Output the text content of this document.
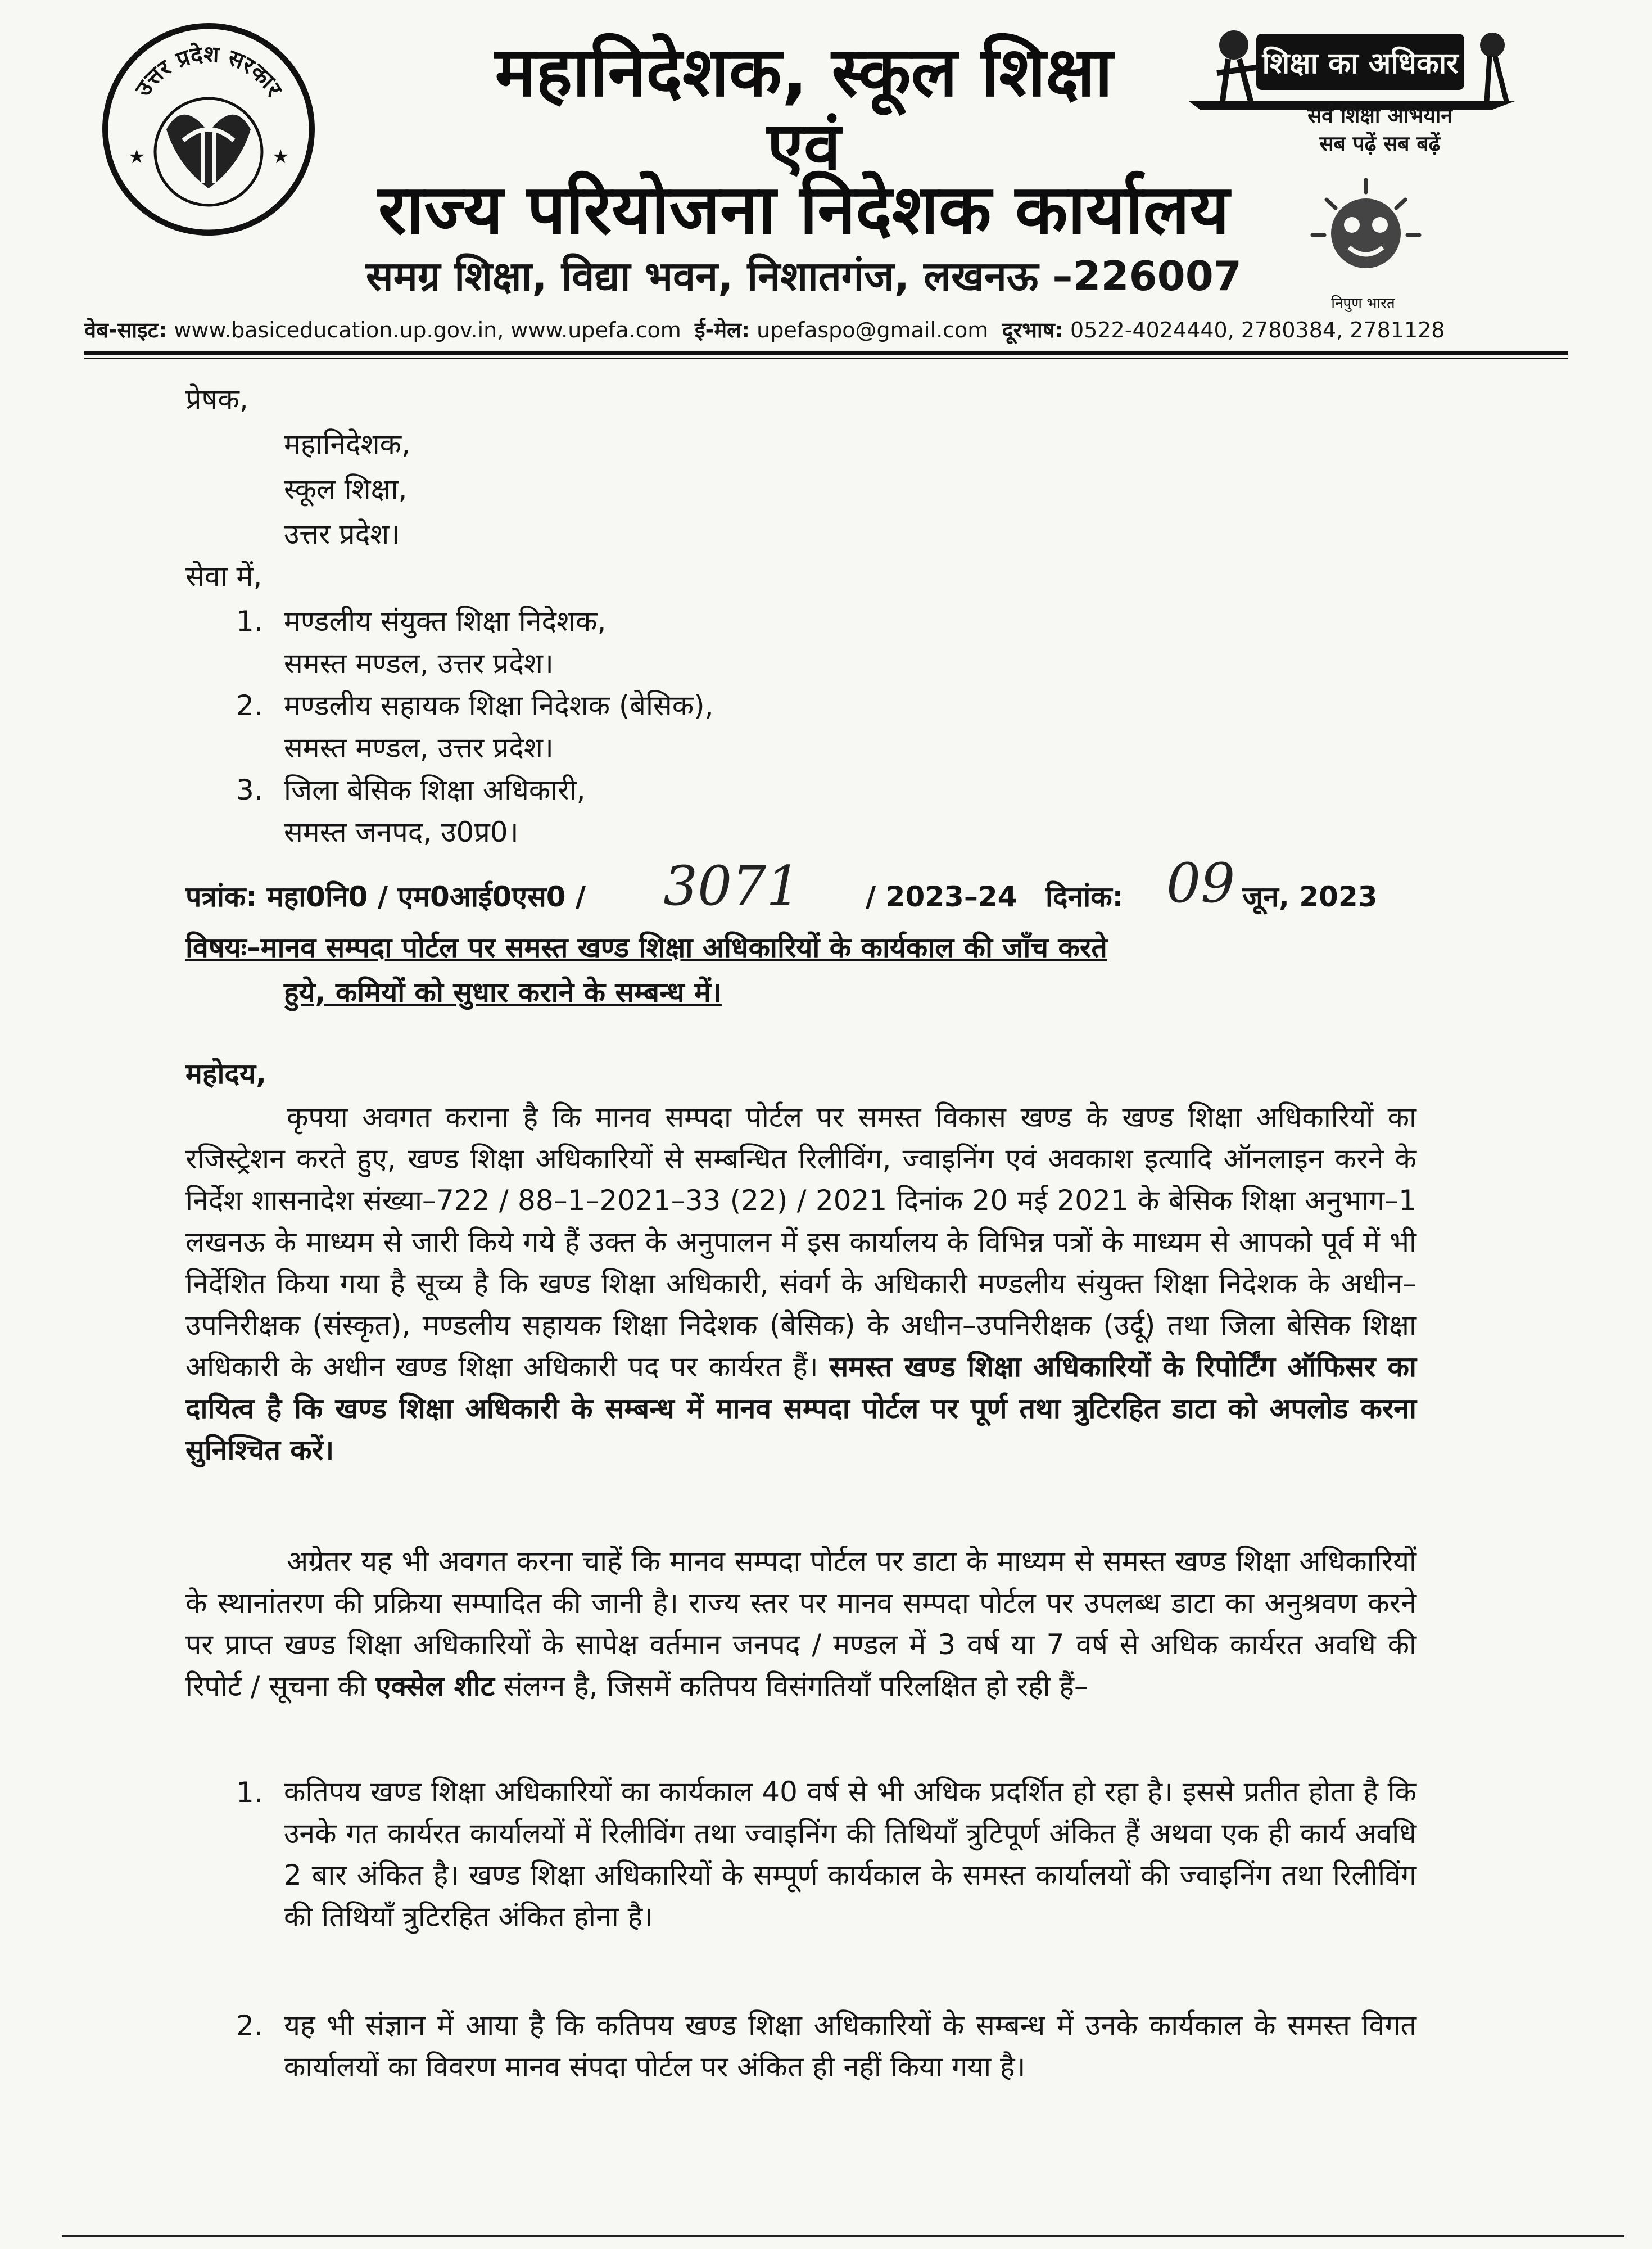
उत्तर प्रदेश सरकार
★	★
महानिदेशक, स्कूल शिक्षा
एवं
राज्य परियोजना निदेशक कार्यालय
समग्र शिक्षा, विद्या भवन, निशातगंज, लखनऊ –226007
शिक्षा का अधिकार
सर्व शिक्षा अभियान
सब पढ़ें सब बढ़ें
निपुण भारत
वेब-साइट: www.basiceducation.up.gov.in, www.upefa.com ई-मेल: upefaspo@gmail.com दूरभाष: 0522-4024440, 2780384, 2781128
प्रेषक,
महानिदेशक,
स्कूल शिक्षा,
उत्तर प्रदेश।
सेवा में,
1. मण्डलीय संयुक्त शिक्षा निदेशक,
समस्त मण्डल, उत्तर प्रदेश।
2. मण्डलीय सहायक शिक्षा निदेशक (बेसिक),
समस्त मण्डल, उत्तर प्रदेश।
3. जिला बेसिक शिक्षा अधिकारी,
समस्त जनपद, उ0प्र0।
पत्रांक: महा0नि0 / एम0आई0एस0 / 3071 / 2023–24 दिनांक: 09 जून, 2023
विषयः–मानव सम्पदा पोर्टल पर समस्त खण्ड शिक्षा अधिकारियों के कार्यकाल की जाँच करते
हुये, कमियों को सुधार कराने के सम्बन्ध में।
महोदय,
कृपया अवगत कराना है कि मानव सम्पदा पोर्टल पर समस्त विकास खण्ड के खण्ड शिक्षा अधिकारियों का रजिस्ट्रेशन करते हुए, खण्ड शिक्षा अधिकारियों से सम्बन्धित रिलीविंग, ज्वाइनिंग एवं अवकाश इत्यादि ऑनलाइन करने के निर्देश शासनादेश संख्या–722 / 88–1–2021–33 (22) / 2021 दिनांक 20 मई 2021 के बेसिक शिक्षा अनुभाग–1 लखनऊ के माध्यम से जारी किये गये हैं उक्त के अनुपालन में इस कार्यालय के विभिन्न पत्रों के माध्यम से आपको पूर्व में भी निर्देशित किया गया है सूच्य है कि खण्ड शिक्षा अधिकारी, संवर्ग के अधिकारी मण्डलीय संयुक्त शिक्षा निदेशक के अधीन– उपनिरीक्षक (संस्कृत), मण्डलीय सहायक शिक्षा निदेशक (बेसिक) के अधीन–उपनिरीक्षक (उर्दू) तथा जिला बेसिक शिक्षा अधिकारी के अधीन खण्ड शिक्षा अधिकारी पद पर कार्यरत हैं। समस्त खण्ड शिक्षा अधिकारियों के रिपोर्टिंग ऑफिसर का दायित्व है कि खण्ड शिक्षा अधिकारी के सम्बन्ध में मानव सम्पदा पोर्टल पर पूर्ण तथा त्रुटिरहित डाटा को अपलोड करना सुनिश्चित करें।
अग्रेतर यह भी अवगत करना चाहें कि मानव सम्पदा पोर्टल पर डाटा के माध्यम से समस्त खण्ड शिक्षा अधिकारियों के स्थानांतरण की प्रक्रिया सम्पादित की जानी है। राज्य स्तर पर मानव सम्पदा पोर्टल पर उपलब्ध डाटा का अनुश्रवण करने पर प्राप्त खण्ड शिक्षा अधिकारियों के सापेक्ष वर्तमान जनपद / मण्डल में 3 वर्ष या 7 वर्ष से अधिक कार्यरत अवधि की रिपोर्ट / सूचना की एक्सेल शीट संलग्न है, जिसमें कतिपय विसंगतियाँ परिलक्षित हो रही हैं–
1. कतिपय खण्ड शिक्षा अधिकारियों का कार्यकाल 40 वर्ष से भी अधिक प्रदर्शित हो रहा है। इससे प्रतीत होता है कि उनके गत कार्यरत कार्यालयों में रिलीविंग तथा ज्वाइनिंग की तिथियाँ त्रुटिपूर्ण अंकित हैं अथवा एक ही कार्य अवधि 2 बार अंकित है। खण्ड शिक्षा अधिकारियों के सम्पूर्ण कार्यकाल के समस्त कार्यालयों की ज्वाइनिंग तथा रिलीविंग की तिथियाँ त्रुटिरहित अंकित होना है।
2. यह भी संज्ञान में आया है कि कतिपय खण्ड शिक्षा अधिकारियों के सम्बन्ध में उनके कार्यकाल के समस्त विगत कार्यालयों का विवरण मानव संपदा पोर्टल पर अंकित ही नहीं किया गया है।
